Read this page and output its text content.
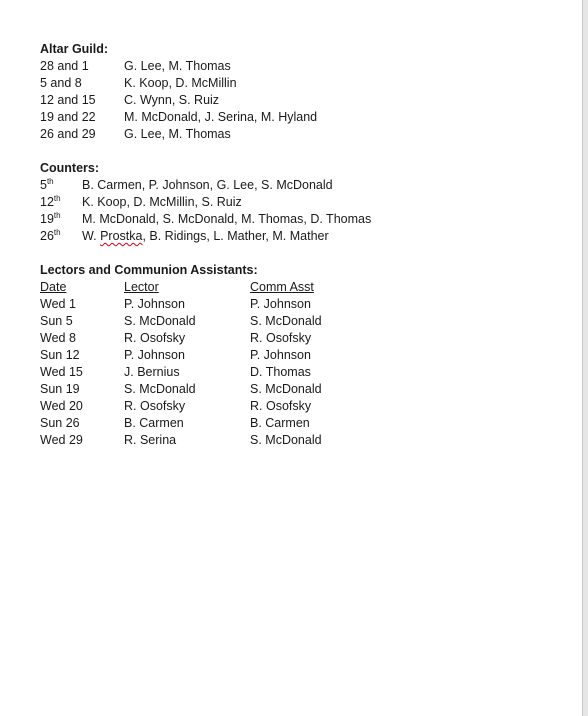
Altar Guild:
28 and 1	G. Lee, M. Thomas
5 and 8	K. Koop, D. McMillin
12 and 15 C. Wynn, S. Ruiz
19 and 22 M. McDonald, J. Serina, M. Hyland
26 and 29 G. Lee, M. Thomas
Counters:
5th B. Carmen, P. Johnson, G. Lee, S. McDonald
12th K. Koop, D. McMillin, S. Ruiz
19th M. McDonald, S. McDonald, M. Thomas, D. Thomas
26th W. Prostka, B. Ridings, L. Mather, M. Mather
Lectors and Communion Assistants:
Date	Lector	Comm Asst
Wed 1	P. Johnson	P. Johnson
Sun 5	S. McDonald	S. McDonald
Wed 8	R. Osofsky	R. Osofsky
Sun 12	P. Johnson	P. Johnson
Wed 15	J. Bernius	D. Thomas
Sun 19	S. McDonald	S. McDonald
Wed 20	R. Osofsky	R. Osofsky
Sun 26	B. Carmen	B. Carmen
Wed 29	R. Serina	S. McDonald
